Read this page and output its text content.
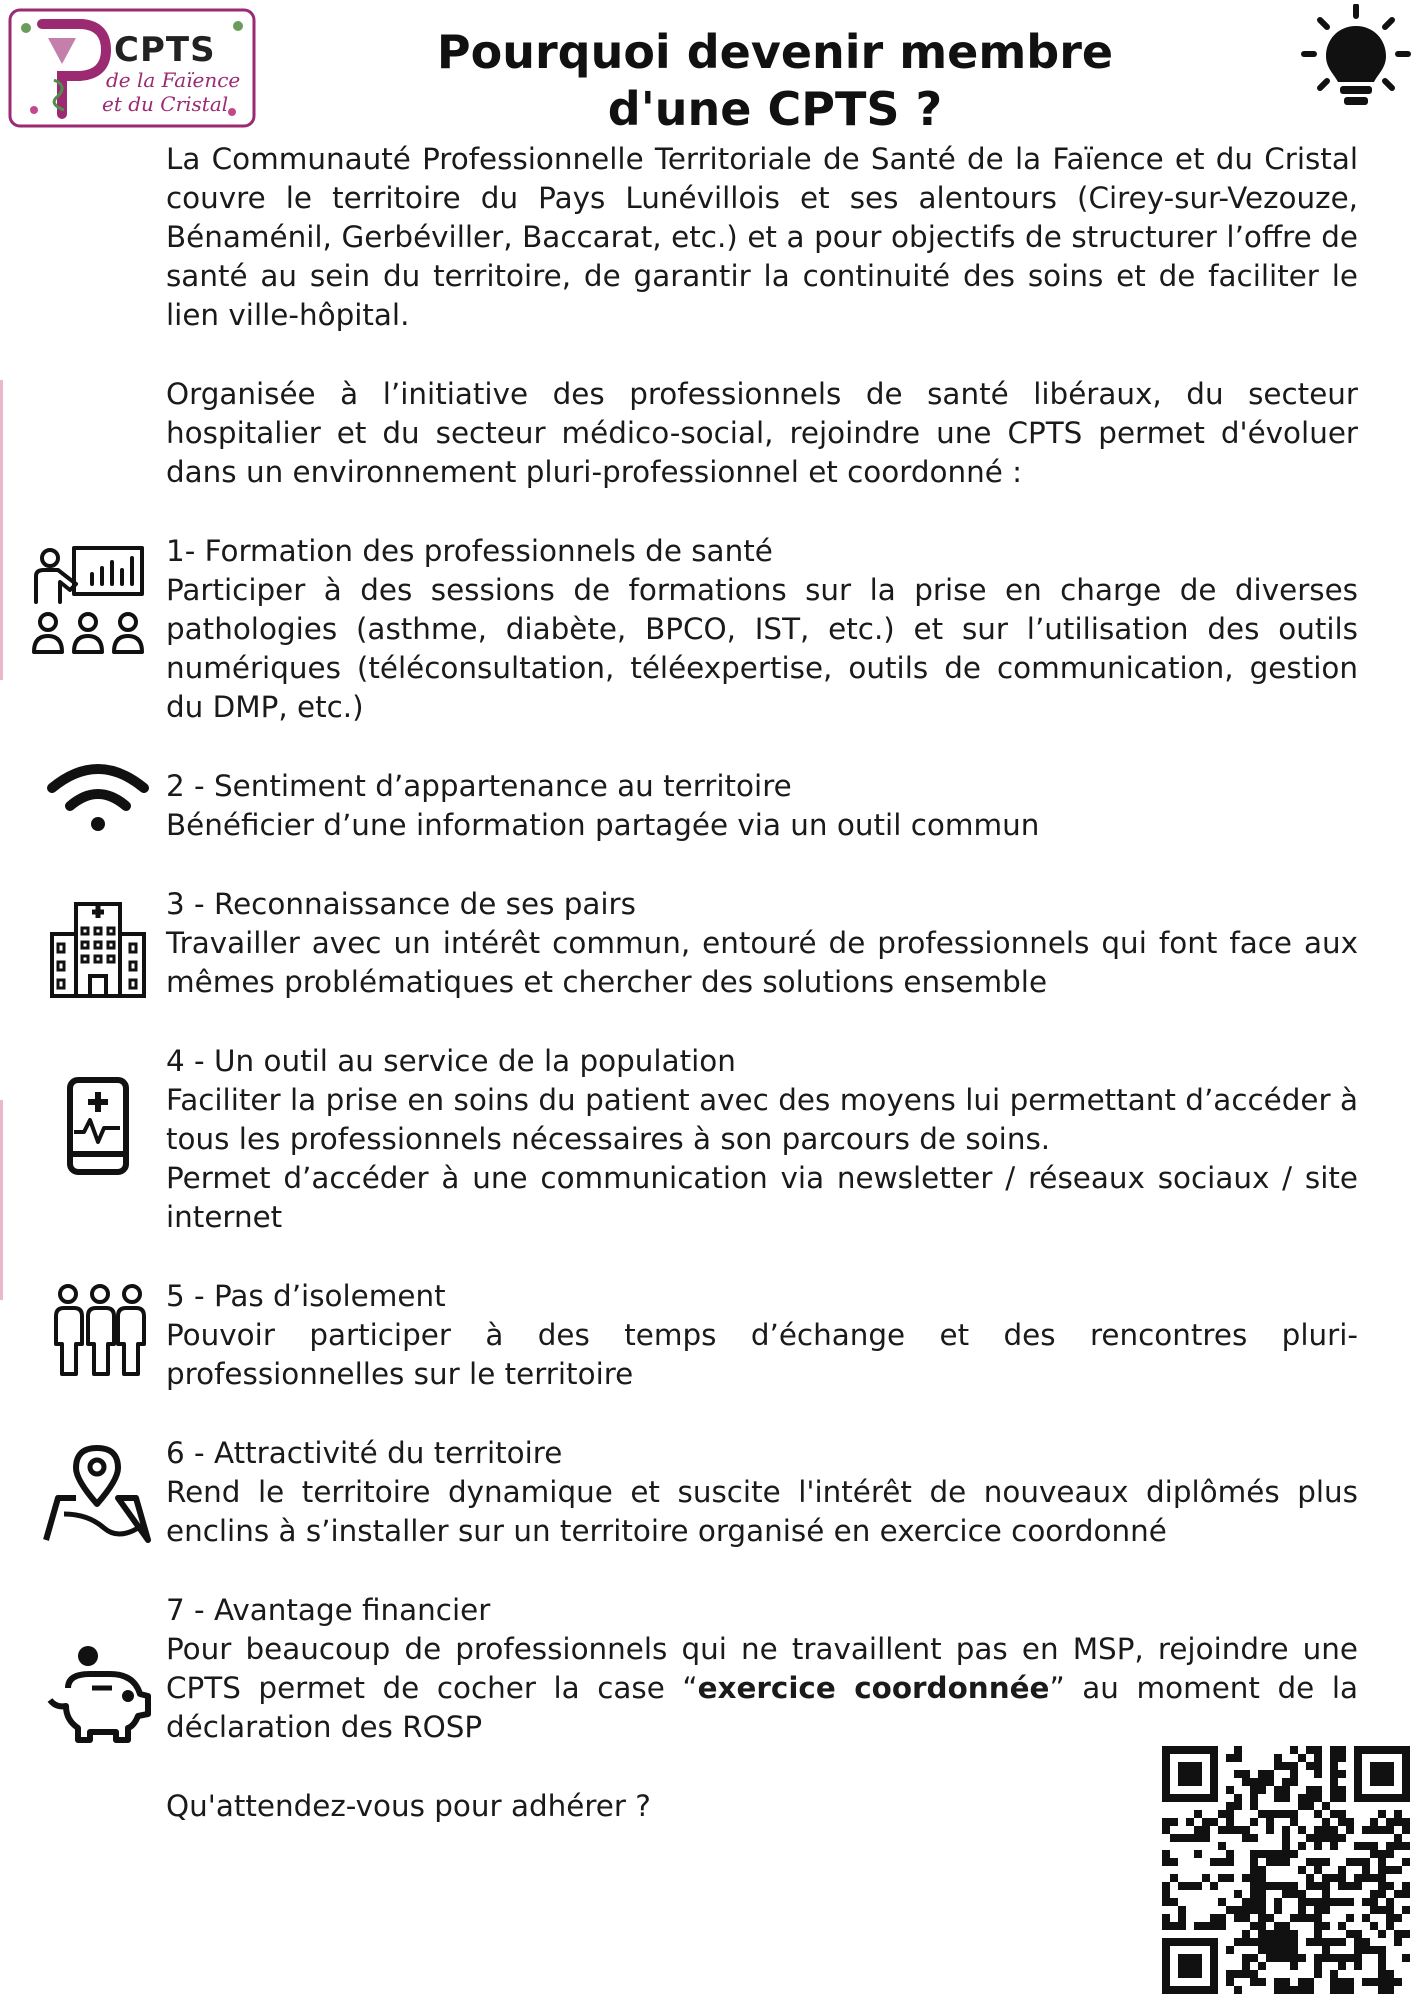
CPTS
de la Faïence
et du Cristal
Pourquoi devenir membre
d'une CPTS ?

La Communauté Professionnelle Territoriale de Santé de la Faïence et du Cristal couvre le territoire du Pays Lunévillois et ses alentours (Cirey-sur-Vezouze, Bénaménil, Gerbéviller, Baccarat, etc.) et a pour objectifs de structurer l’offre de santé au sein du territoire, de garantir la continuité des soins et de faciliter le lien ville-hôpital.

Organisée à l’initiative des professionnels de santé libéraux, du secteur hospitalier et du secteur médico-social, rejoindre une CPTS permet d'évoluer dans un environnement pluri-professionnel et coordonné :

1- Formation des professionnels de santé

Participer à des sessions de formations sur la prise en charge de diverses pathologies (asthme, diabète, BPCO, IST, etc.) et sur l’utilisation des outils numériques (téléconsultation, téléexpertise, outils de communication, gestion du DMP, etc.)

2 - Sentiment d’appartenance au territoire

Bénéficier d’une information partagée via un outil commun

3 - Reconnaissance de ses pairs

Travailler avec un intérêt commun, entouré de professionnels qui font face aux mêmes problématiques et chercher des solutions ensemble

4 - Un outil au service de la population

Faciliter la prise en soins du patient avec des moyens lui permettant d’accéder à tous les professionnels nécessaires à son parcours de soins.

Permet d’accéder à une communication via newsletter / réseaux sociaux / site internet

5 - Pas d’isolement

Pouvoir participer à des temps d’échange et des rencontres pluri-professionnelles sur le territoire

6 - Attractivité du territoire

Rend le territoire dynamique et suscite l'intérêt de nouveaux diplômés plus enclins à s’installer sur un territoire organisé en exercice coordonné

7 - Avantage financier

Pour beaucoup de professionnels qui ne travaillent pas en MSP, rejoindre une CPTS permet de cocher la case “exercice coordonnée” au moment de la déclaration des ROSP

Qu'attendez-vous pour adhérer ?
